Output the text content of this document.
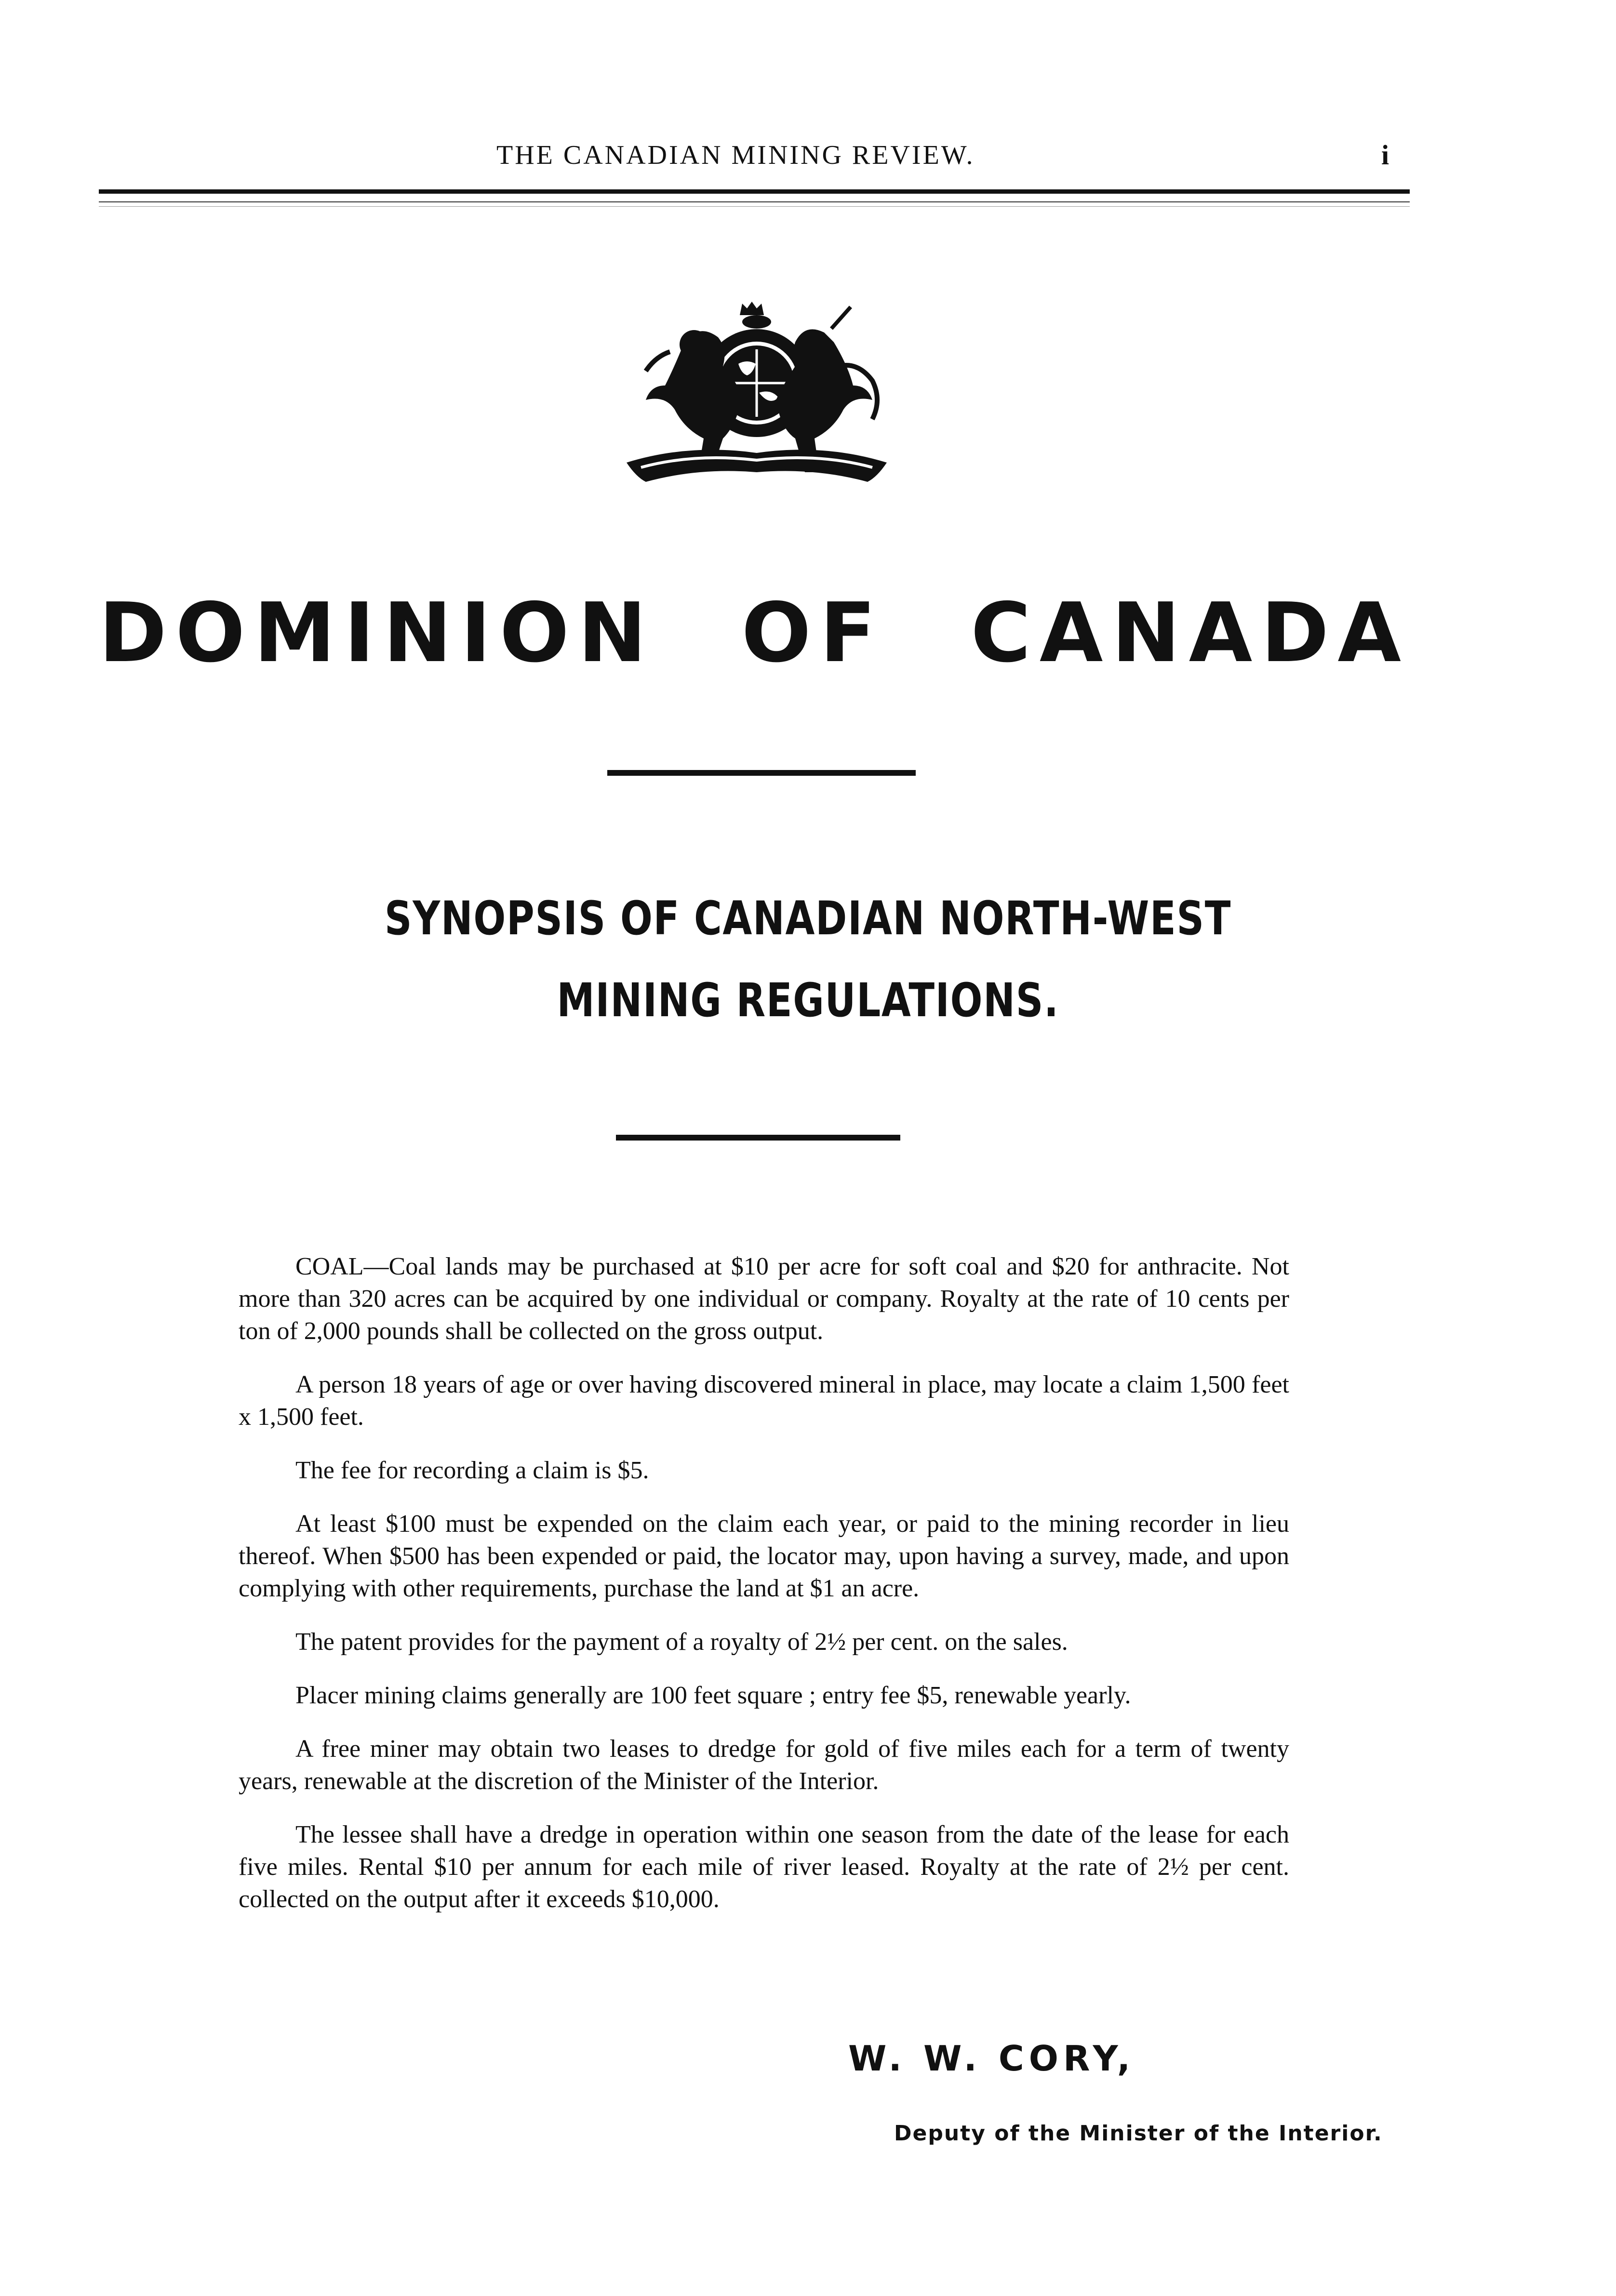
THE CANADIAN MINING REVIEW.	i
DOMINION OF CANADA
SYNOPSIS OF CANADIAN NORTH-WEST
MINING REGULATIONS.

COAL—Coal lands may be purchased at $10 per acre for soft coal and $20 for anthracite. Not more than 320 acres can be acquired by one individual or company. Royalty at the rate of 10 cents per ton of 2,000 pounds shall be collected on the gross output.

A person 18 years of age or over having discovered mineral in place, may locate a claim 1,500 feet x 1,500 feet.

The fee for recording a claim is $5.

At least $100 must be expended on the claim each year, or paid to the mining recorder in lieu thereof. When $500 has been expended or paid, the locator may, upon having a survey, made, and upon complying with other requirements, purchase the land at $1 an acre.

The patent provides for the payment of a royalty of 2½ per cent. on the sales.

Placer mining claims generally are 100 feet square ; entry fee $5, renewable yearly.

A free miner may obtain two leases to dredge for gold of five miles each for a term of twenty years, renewable at the discretion of the Minister of the Interior.

The lessee shall have a dredge in operation within one season from the date of the lease for each five miles. Rental $10 per annum for each mile of river leased. Royalty at the rate of 2½ per cent. collected on the output after it exceeds $10,000.

W. W. CORY,
Deputy of the Minister of the Interior.
